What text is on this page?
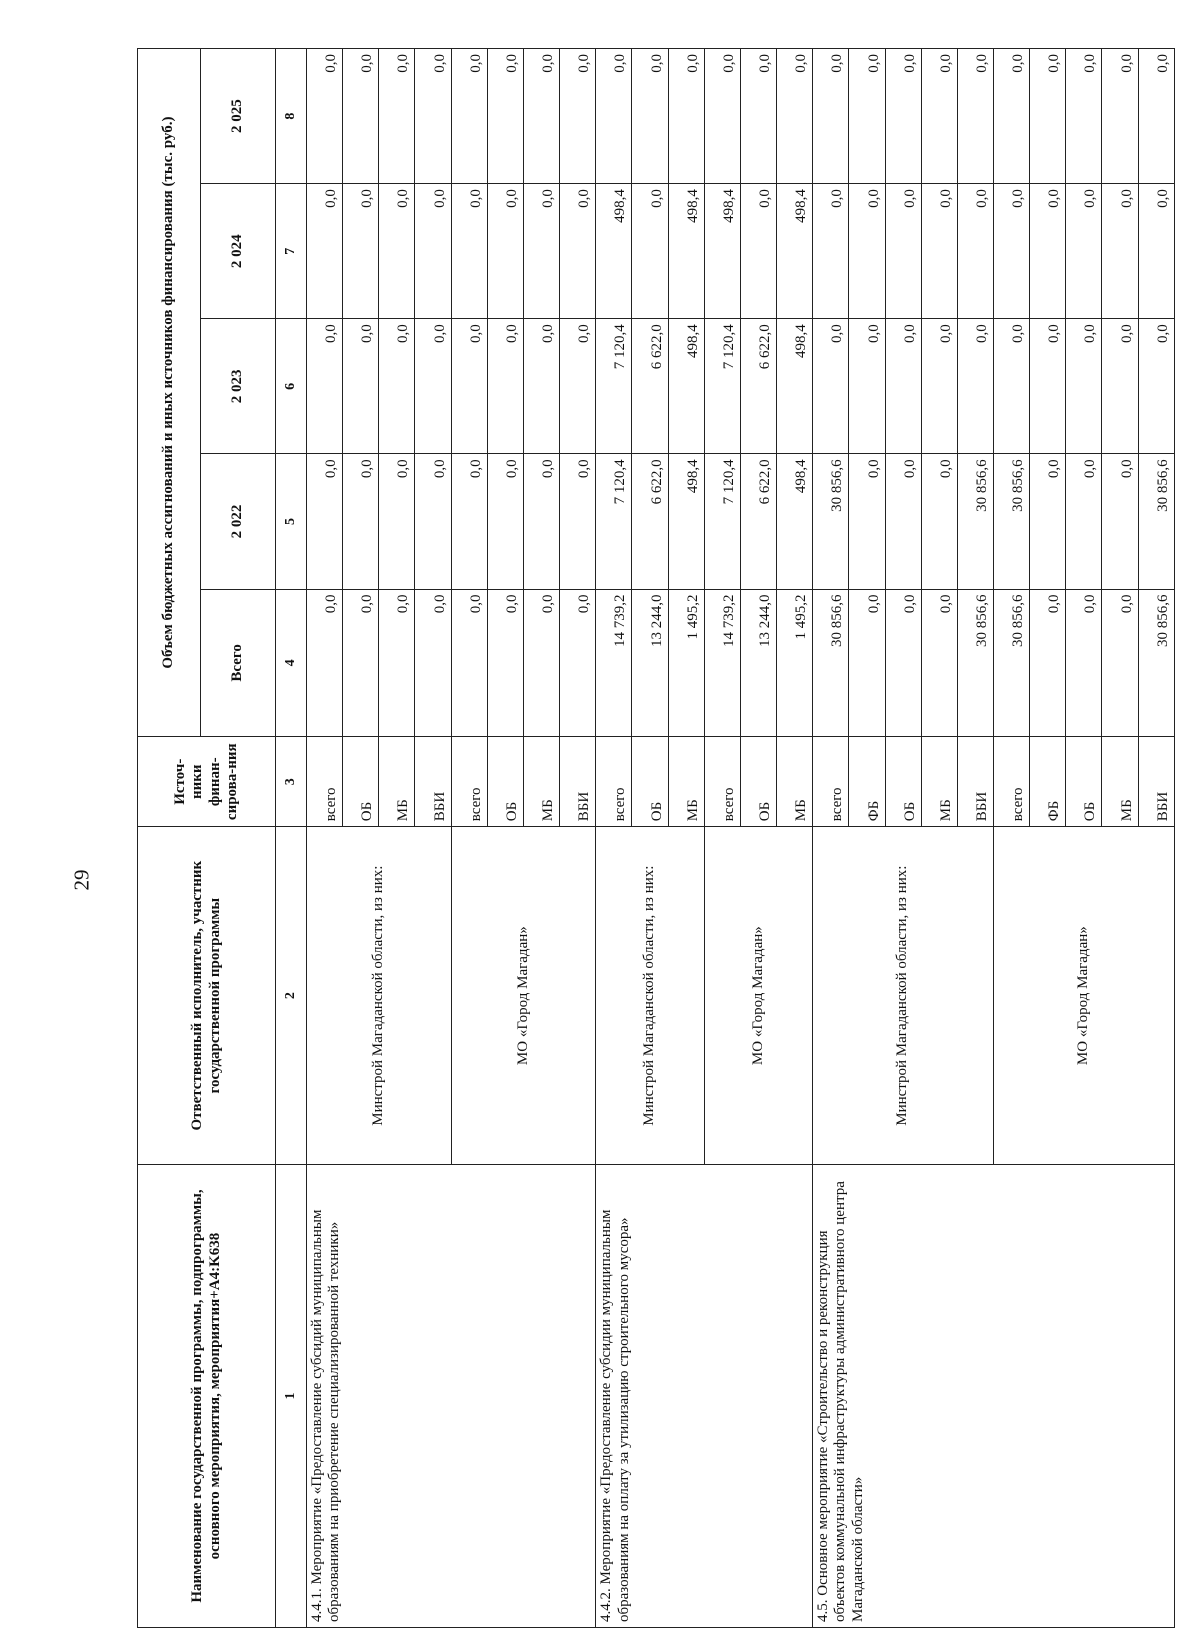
29
Наименование государственной программы, подпрограммы, основного мероприятия, мероприятия+А4:K638	Ответственный исполнитель, участник государственной программы	Источ-ники финан-сирова-ния	Объем бюджетных ассигнований и иных источников финансирования (тыс. руб.)				
			Всего	2 022	2 023	2 024	2 025
1	2	3	4	5	6	7	8
4.4.1. Мероприятие «Предоставление субсидий муниципальным образованиям на приобретение специализированной техники»	Минстрой Магаданской области, из них:	всего	0,0	0,0	0,0	0,0	0,0
		ОБ	0,0	0,0	0,0	0,0	0,0
		МБ	0,0	0,0	0,0	0,0	0,0
		ВБИ	0,0	0,0	0,0	0,0	0,0
	МО «Город Магадан»	всего	0,0	0,0	0,0	0,0	0,0
		ОБ	0,0	0,0	0,0	0,0	0,0
		МБ	0,0	0,0	0,0	0,0	0,0
		ВБИ	0,0	0,0	0,0	0,0	0,0
4.4.2. Мероприятие «Предоставление субсидии муниципальным образованиям на оплату за утилизацию строительного мусора»	Минстрой Магаданской области, из них:	всего	14 739,2	7 120,4	7 120,4	498,4	0,0
		ОБ	13 244,0	6 622,0	6 622,0	0,0	0,0
		МБ	1 495,2	498,4	498,4	498,4	0,0
	МО «Город Магадан»	всего	14 739,2	7 120,4	7 120,4	498,4	0,0
		ОБ	13 244,0	6 622,0	6 622,0	0,0	0,0
		МБ	1 495,2	498,4	498,4	498,4	0,0
4.5. Основное мероприятие «Строительство и реконструкция объектов коммунальной инфраструктуры административного центра Магаданской области»	Минстрой Магаданской области, из них:	всего	30 856,6	30 856,6	0,0	0,0	0,0
		ФБ	0,0	0,0	0,0	0,0	0,0
		ОБ	0,0	0,0	0,0	0,0	0,0
		МБ	0,0	0,0	0,0	0,0	0,0
		ВБИ	30 856,6	30 856,6	0,0	0,0	0,0
	МО «Город Магадан»	всего	30 856,6	30 856,6	0,0	0,0	0,0
		ФБ	0,0	0,0	0,0	0,0	0,0
		ОБ	0,0	0,0	0,0	0,0	0,0
		МБ	0,0	0,0	0,0	0,0	0,0
		ВБИ	30 856,6	30 856,6	0,0	0,0	0,0
